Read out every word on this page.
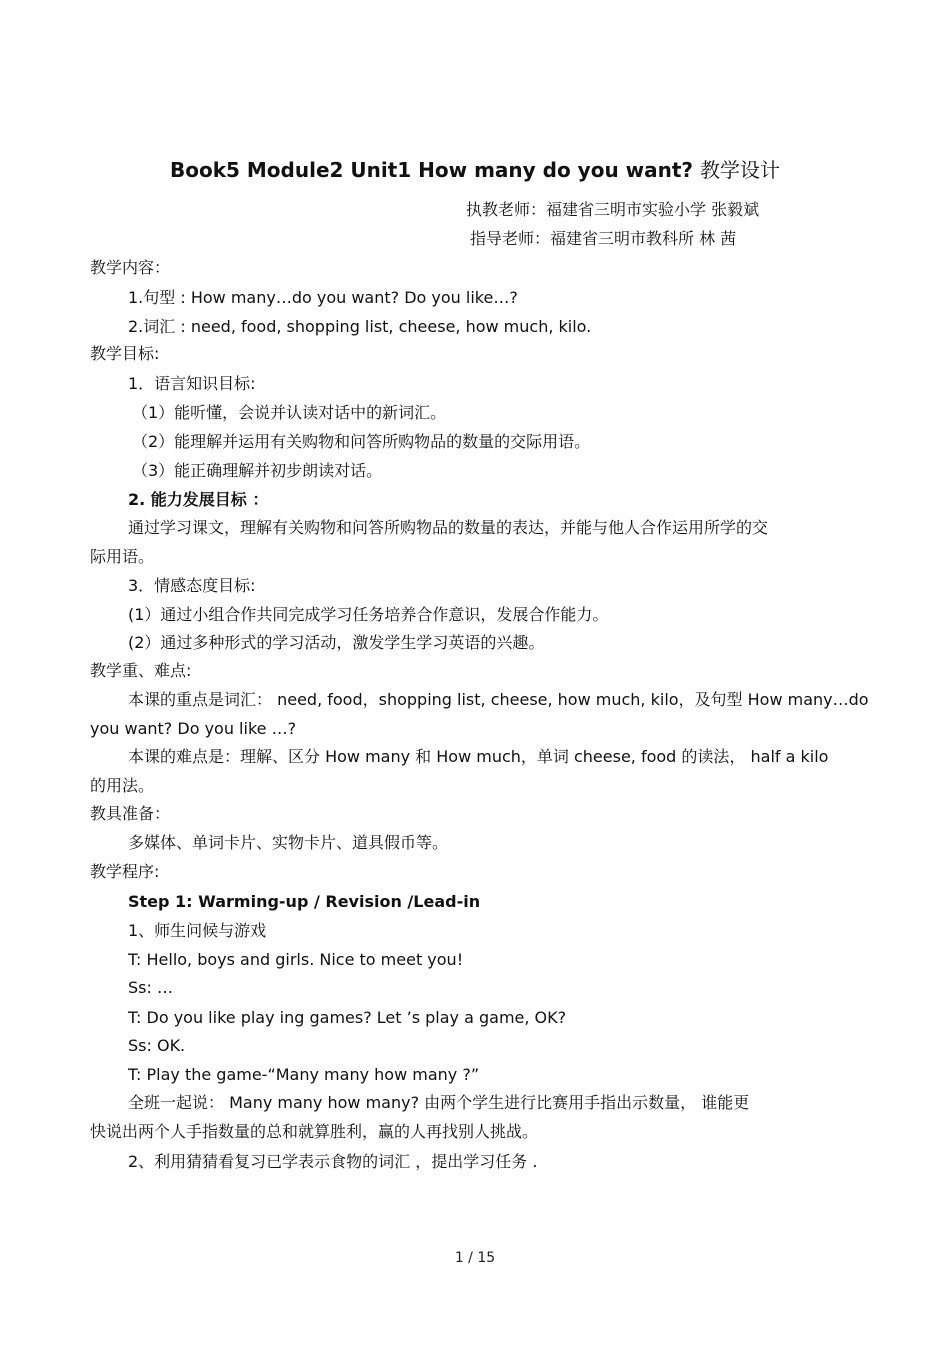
Book5 Module2 Unit1 How many do you want? 教学设计
执教老师：福建省三明市实验小学 张毅斌
指导老师：福建省三明市教科所 林 茜
教学内容：
1.句型 : How many…do you want? Do you like…?
2.词汇 : need, food, shopping list, cheese, how much, kilo.
教学目标:
1．语言知识目标:
（1）能听懂，会说并认读对话中的新词汇。
（2）能理解并运用有关购物和问答所购物品的数量的交际用语。
（3）能正确理解并初步朗读对话。
2. 能力发展目标 ：
通过学习课文，理解有关购物和问答所购物品的数量的表达，并能与他人合作运用所学的交
际用语。
3．情感态度目标:
(1）通过小组合作共同完成学习任务培养合作意识，发展合作能力。
(2）通过多种形式的学习活动，激发学生学习英语的兴趣。
教学重、难点:
本课的重点是词汇： need, food，shopping list, cheese, how much, kilo，及句型 How many…do
you want? Do you like …?
本课的难点是：理解、区分 How many 和 How much，单词 cheese, food 的读法， half a kilo
的用法。
教具准备：
多媒体、单词卡片、实物卡片、道具假币等。
教学程序:
Step 1: Warming-up / Revision /Lead-in
1、师生问候与游戏
T: Hello, boys and girls. Nice to meet you!
Ss: …
T: Do you like play ing games? Let ’s play a game, OK?
Ss: OK.
T: Play the game-“Many many how many ?”
全班一起说： Many many how many? 由两个学生进行比赛用手指出示数量， 谁能更
快说出两个人手指数量的总和就算胜利，赢的人再找别人挑战。
2、利用猜猜看复习已学表示食物的词汇 ，提出学习任务 .
1 / 15
